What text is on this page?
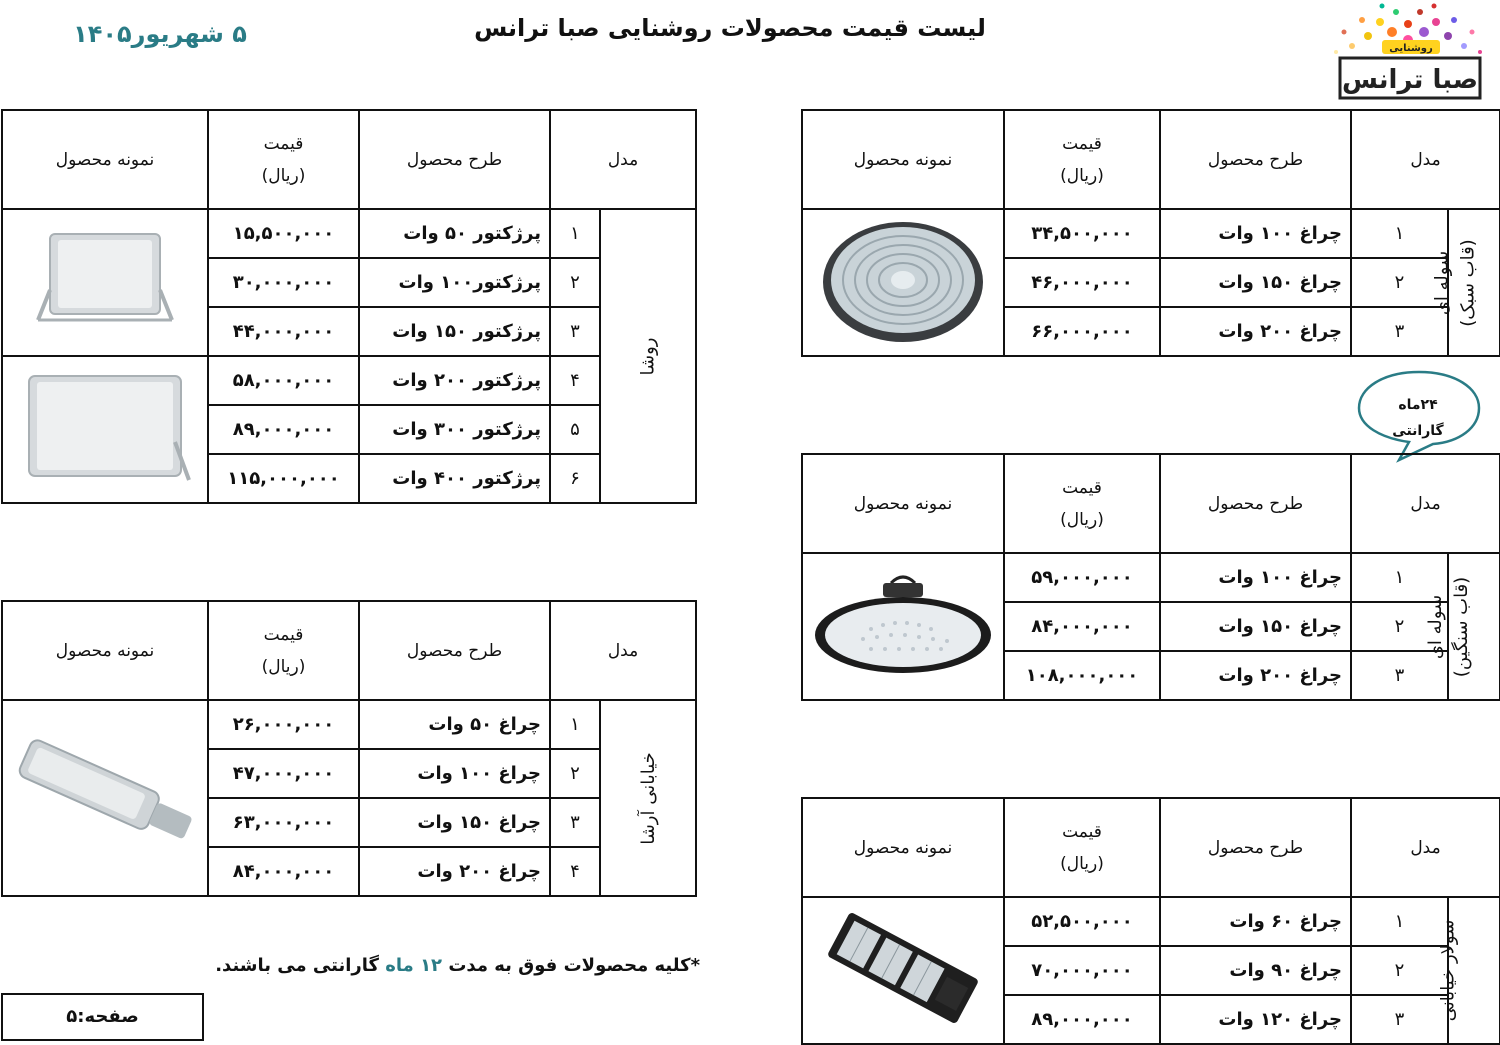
لیست قیمت محصولات روشنایی صبا ترانس
۵ شهریور۱۴۰۵
روشنایی
صبا ترانس
مدل		طرح محصول	قیمت
(ریال)	نمونه محصول
سوله ای (قاب سبک)	۱	چراغ ۱۰۰ وات	۳۴,۵۰۰,۰۰۰	
	۲	چراغ ۱۵۰ وات	۴۶,۰۰۰,۰۰۰	
	۳	چراغ ۲۰۰ وات	۶۶,۰۰۰,۰۰۰	
۲۴ماه
گارانتی
مدل		طرح محصول	قیمت
(ریال)	نمونه محصول
سوله ای (قاب سنگین)	۱	چراغ ۱۰۰ وات	۵۹,۰۰۰,۰۰۰	
	۲	چراغ ۱۵۰ وات	۸۴,۰۰۰,۰۰۰	
	۳	چراغ ۲۰۰ وات	۱۰۸,۰۰۰,۰۰۰	
مدل		طرح محصول	قیمت
(ریال)	نمونه محصول
سولار خیابانی	۱	چراغ ۶۰ وات	۵۲,۵۰۰,۰۰۰	
	۲	چراغ ۹۰ وات	۷۰,۰۰۰,۰۰۰	
	۳	چراغ ۱۲۰ وات	۸۹,۰۰۰,۰۰۰	
مدل		طرح محصول	قیمت
(ریال)	نمونه محصول
روشا	۱	پرژکتور ۵۰ وات	۱۵,۵۰۰,۰۰۰	
	۲	پرژکتور۱۰۰ وات	۳۰,۰۰۰,۰۰۰	
	۳	پرژکتور ۱۵۰ وات	۴۴,۰۰۰,۰۰۰	
	۴	پرژکتور ۲۰۰ وات	۵۸,۰۰۰,۰۰۰	
	۵	پرژکتور ۳۰۰ وات	۸۹,۰۰۰,۰۰۰	
	۶	پرژکتور ۴۰۰ وات	۱۱۵,۰۰۰,۰۰۰	
مدل		طرح محصول	قیمت
(ریال)	نمونه محصول
خیابانی آرشا	۱	چراغ ۵۰ وات	۲۶,۰۰۰,۰۰۰	
	۲	چراغ ۱۰۰ وات	۴۷,۰۰۰,۰۰۰	
	۳	چراغ ۱۵۰ وات	۶۳,۰۰۰,۰۰۰	
	۴	چراغ ۲۰۰ وات	۸۴,۰۰۰,۰۰۰	
*کلیه محصولات فوق به مدت ۱۲ ماه گارانتی می باشند.
صفحه:۵
